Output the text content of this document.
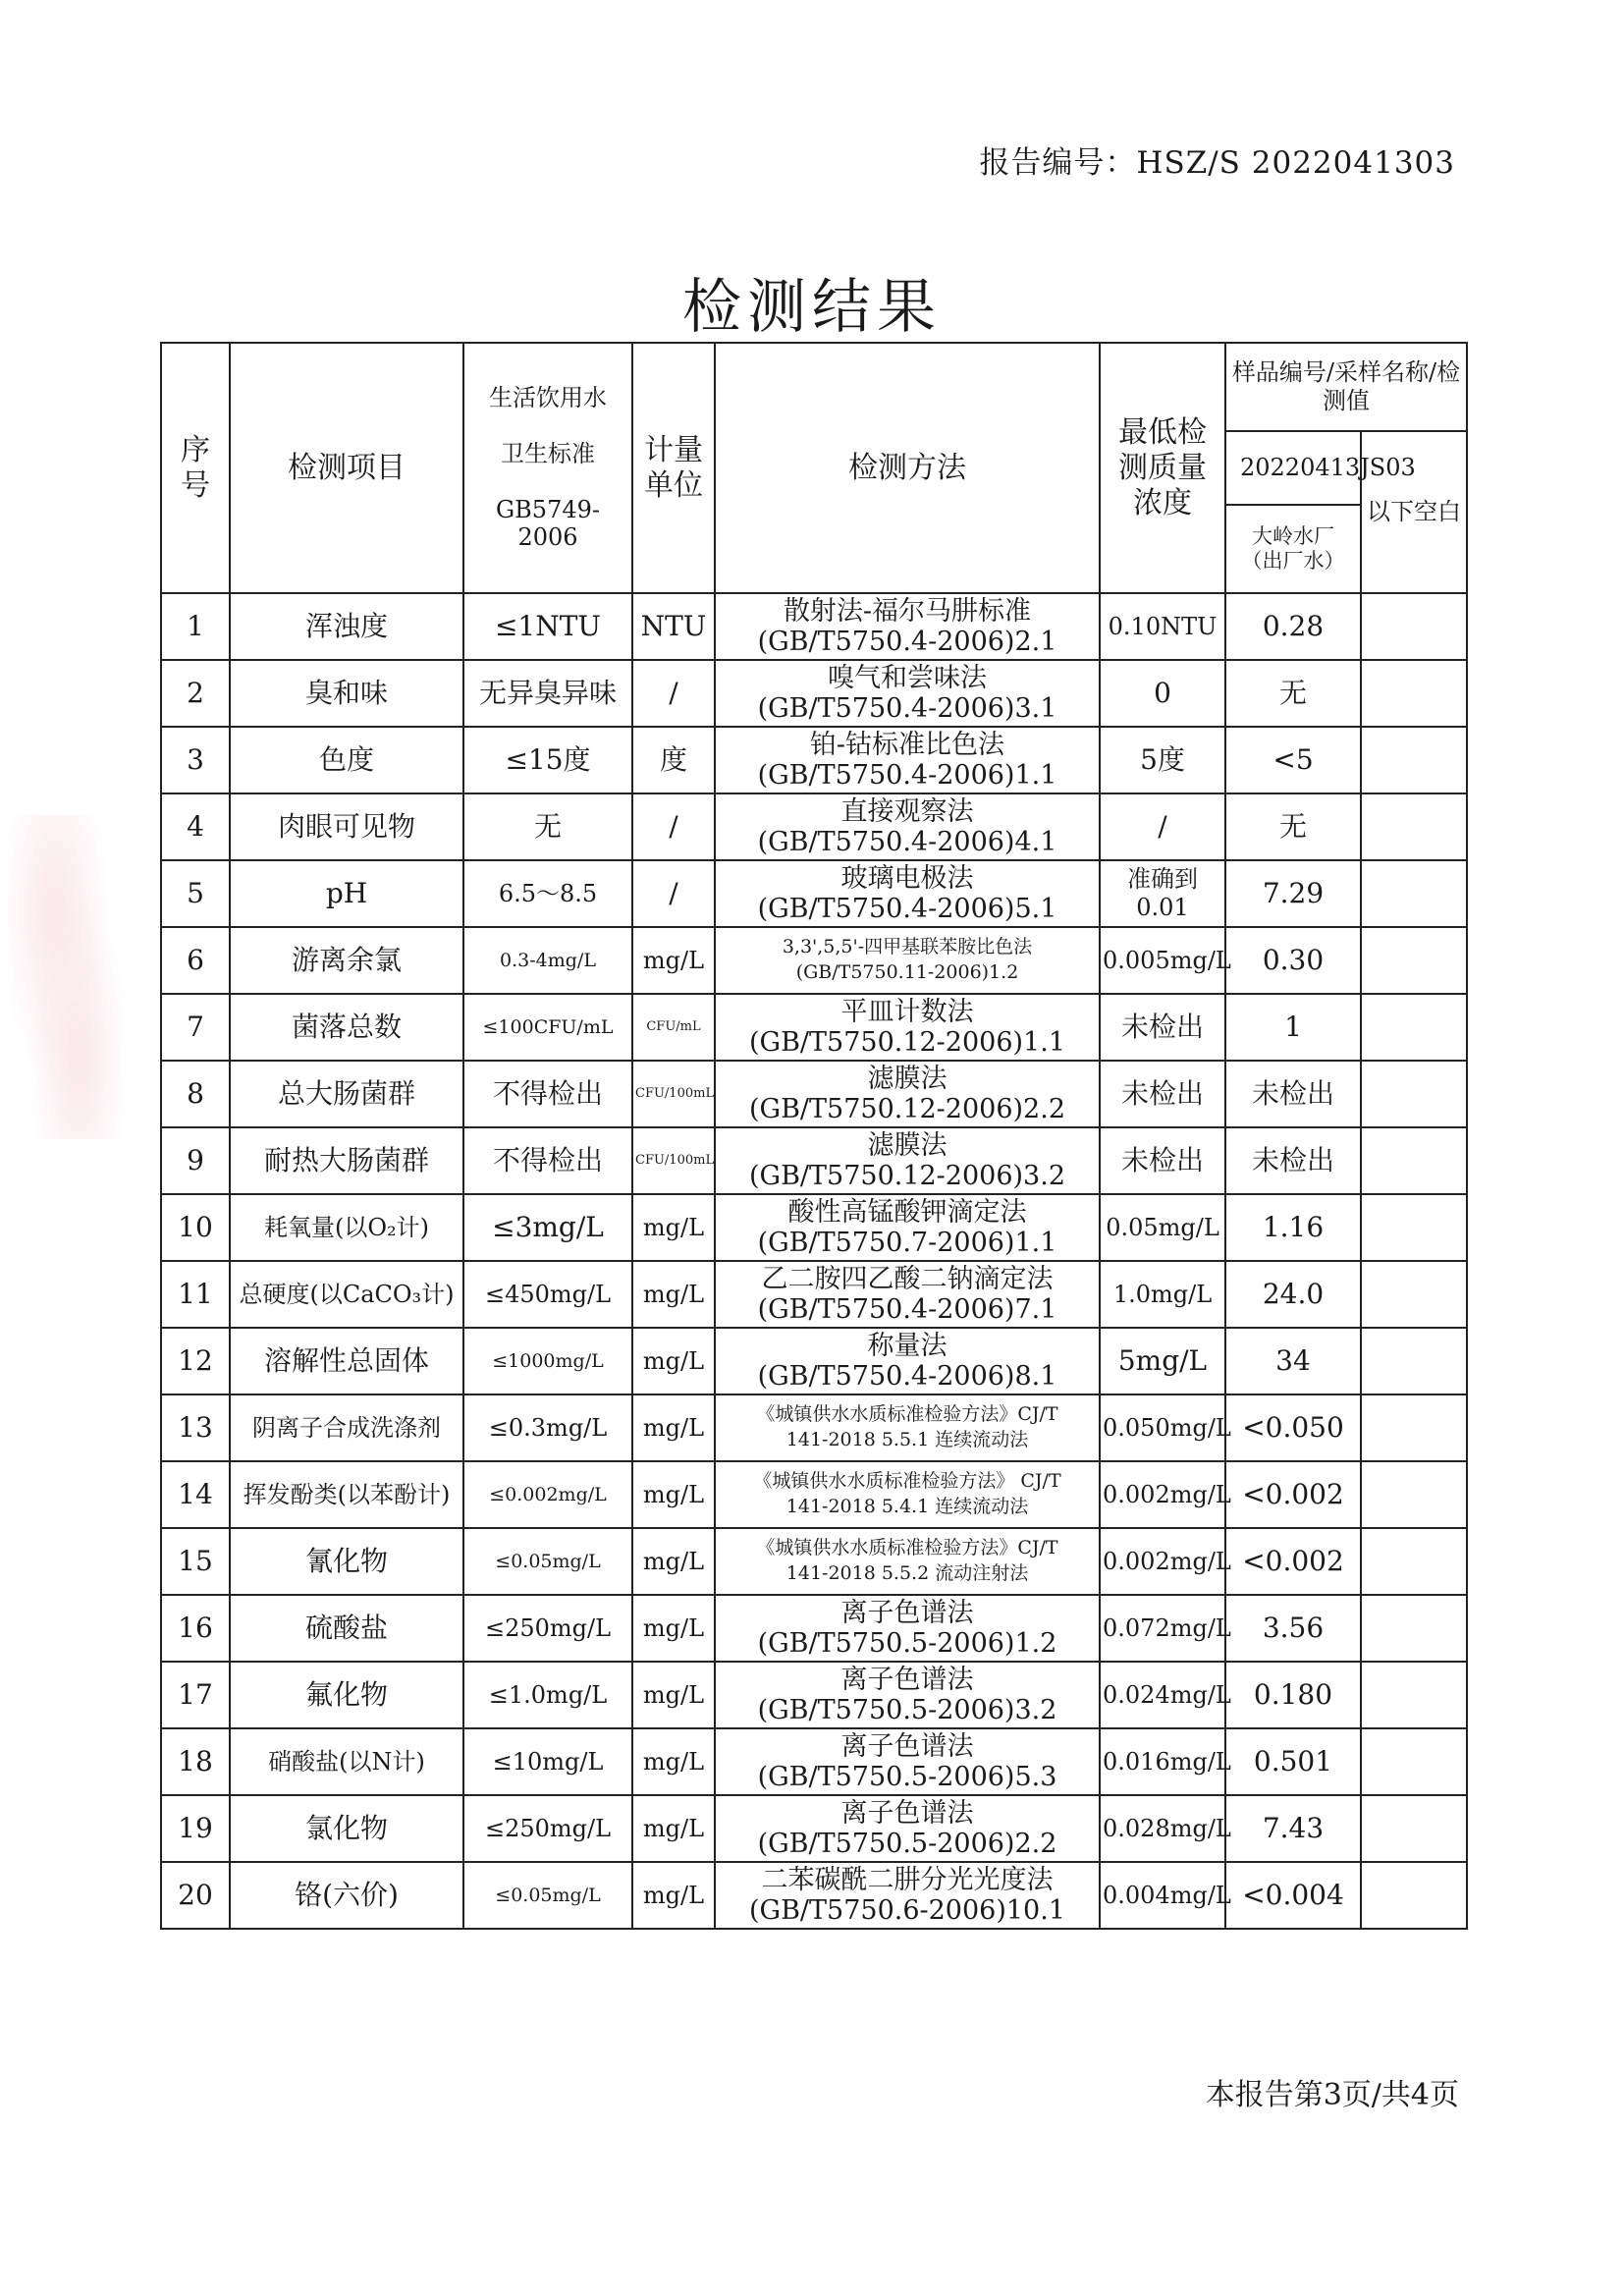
报告编号：HSZ/S 2022041303
检测结果
序号	检测项目	生活饮用水
卫生标准
GB5749-2006	计量单位	检测方法	最低检测质量浓度	样品编号/采样名称/检测值	
						20220413JS03	以下空白
						大岭水厂（出厂水）	
1	浑浊度	≤1NTU	NTU	散射法-福尔马肼标准
(GB/T5750.4-2006)2.1	0.10NTU	0.28	
2	臭和味	无异臭异味	/	嗅气和尝味法
(GB/T5750.4-2006)3.1	0	无	
3	色度	≤15度	度	铂-钴标准比色法
(GB/T5750.4-2006)1.1	5度	<5	
4	肉眼可见物	无	/	直接观察法
(GB/T5750.4-2006)4.1	/	无	
5	pH	6.5～8.5	/	玻璃电极法
(GB/T5750.4-2006)5.1	准确到0.01	7.29	
6	游离余氯	0.3-4mg/L	mg/L	3,3',5,5'-四甲基联苯胺比色法
(GB/T5750.11-2006)1.2	0.005mg/L	0.30	
7	菌落总数	≤100CFU/mL	CFU/mL	平皿计数法
(GB/T5750.12-2006)1.1	未检出	1	
8	总大肠菌群	不得检出	CFU/100mL	滤膜法
(GB/T5750.12-2006)2.2	未检出	未检出	
9	耐热大肠菌群	不得检出	CFU/100mL	滤膜法
(GB/T5750.12-2006)3.2	未检出	未检出	
10	耗氧量(以O₂计)	≤3mg/L	mg/L	酸性高锰酸钾滴定法
(GB/T5750.7-2006)1.1	0.05mg/L	1.16	
11	总硬度(以CaCO₃计)	≤450mg/L	mg/L	乙二胺四乙酸二钠滴定法
(GB/T5750.4-2006)7.1	1.0mg/L	24.0	
12	溶解性总固体	≤1000mg/L	mg/L	称量法
(GB/T5750.4-2006)8.1	5mg/L	34	
13	阴离子合成洗涤剂	≤0.3mg/L	mg/L	《城镇供水水质标准检验方法》CJ/T
141-2018 5.5.1 连续流动法	0.050mg/L	<0.050	
14	挥发酚类(以苯酚计)	≤0.002mg/L	mg/L	《城镇供水水质标准检验方法》 CJ/T
141-2018 5.4.1 连续流动法	0.002mg/L	<0.002	
15	氰化物	≤0.05mg/L	mg/L	《城镇供水水质标准检验方法》CJ/T
141-2018 5.5.2 流动注射法	0.002mg/L	<0.002	
16	硫酸盐	≤250mg/L	mg/L	离子色谱法
(GB/T5750.5-2006)1.2	0.072mg/L	3.56	
17	氟化物	≤1.0mg/L	mg/L	离子色谱法
(GB/T5750.5-2006)3.2	0.024mg/L	0.180	
18	硝酸盐(以N计)	≤10mg/L	mg/L	离子色谱法
(GB/T5750.5-2006)5.3	0.016mg/L	0.501	
19	氯化物	≤250mg/L	mg/L	离子色谱法
(GB/T5750.5-2006)2.2	0.028mg/L	7.43	
20	铬(六价)	≤0.05mg/L	mg/L	二苯碳酰二肼分光光度法
(GB/T5750.6-2006)10.1	0.004mg/L	<0.004	
本报告第3页/共4页
